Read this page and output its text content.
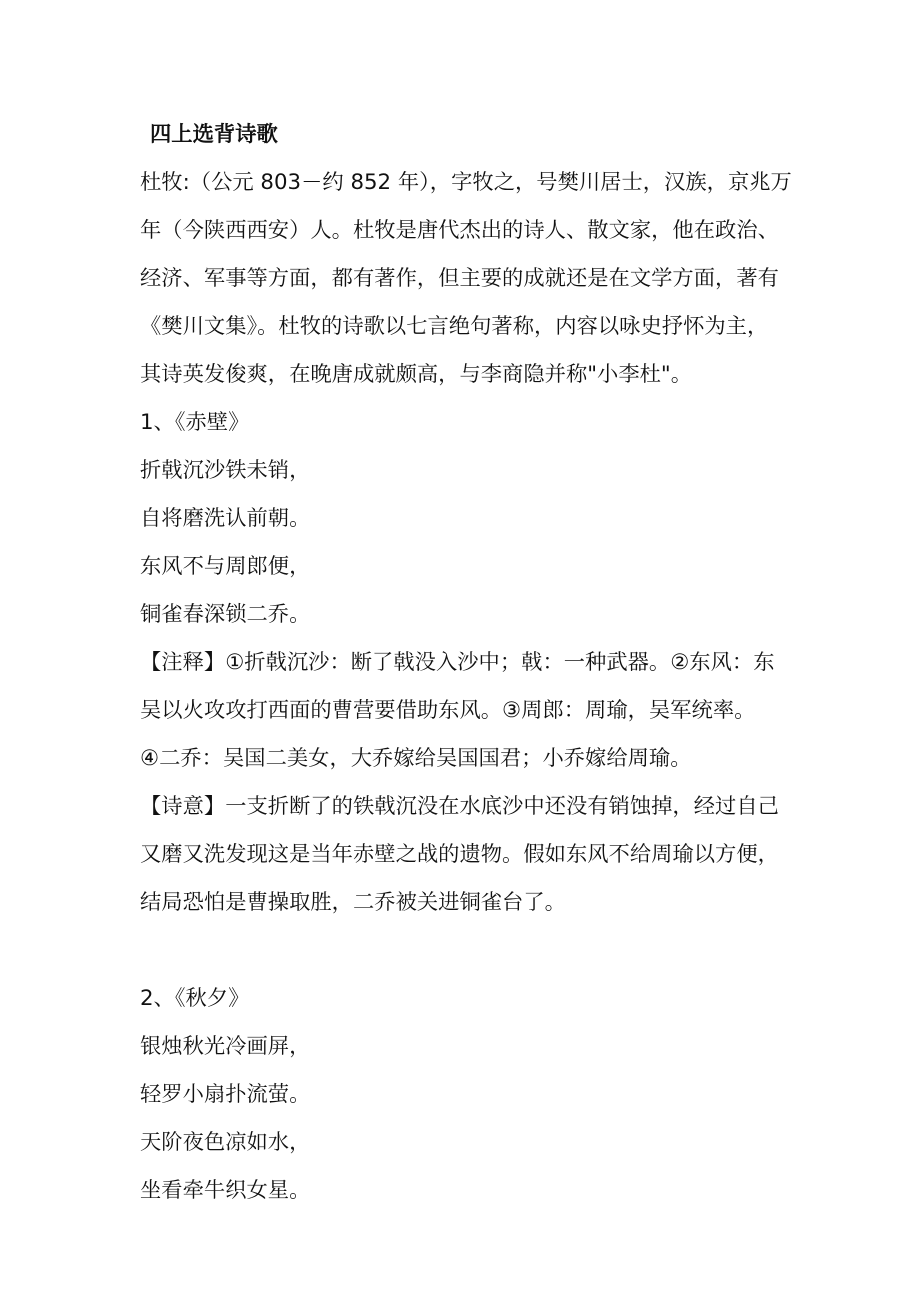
四上选背诗歌
杜牧:（公元 803－约 852 年），字牧之，号樊川居士，汉族，京兆万
年（今陕西西安）人。杜牧是唐代杰出的诗人、散文家，他在政治、
经济、军事等方面，都有著作，但主要的成就还是在文学方面，著有
《樊川文集》。杜牧的诗歌以七言绝句著称，内容以咏史抒怀为主，
其诗英发俊爽，在晚唐成就颇高，与李商隐并称"小李杜"。
1、《赤壁》
折戟沉沙铁未销，
自将磨洗认前朝。
东风不与周郎便，
铜雀春深锁二乔。
【注释】①折戟沉沙：断了戟没入沙中；戟：一种武器。②东风：东
吴以火攻攻打西面的曹营要借助东风。③周郎：周瑜，吴军统率。
④二乔：吴国二美女，大乔嫁给吴国国君；小乔嫁给周瑜。
【诗意】一支折断了的铁戟沉没在水底沙中还没有销蚀掉，经过自己
又磨又洗发现这是当年赤壁之战的遗物。假如东风不给周瑜以方便，
结局恐怕是曹操取胜，二乔被关进铜雀台了。
2、《秋夕》
银烛秋光冷画屏，
轻罗小扇扑流萤。
天阶夜色凉如水，
坐看牵牛织女星。
